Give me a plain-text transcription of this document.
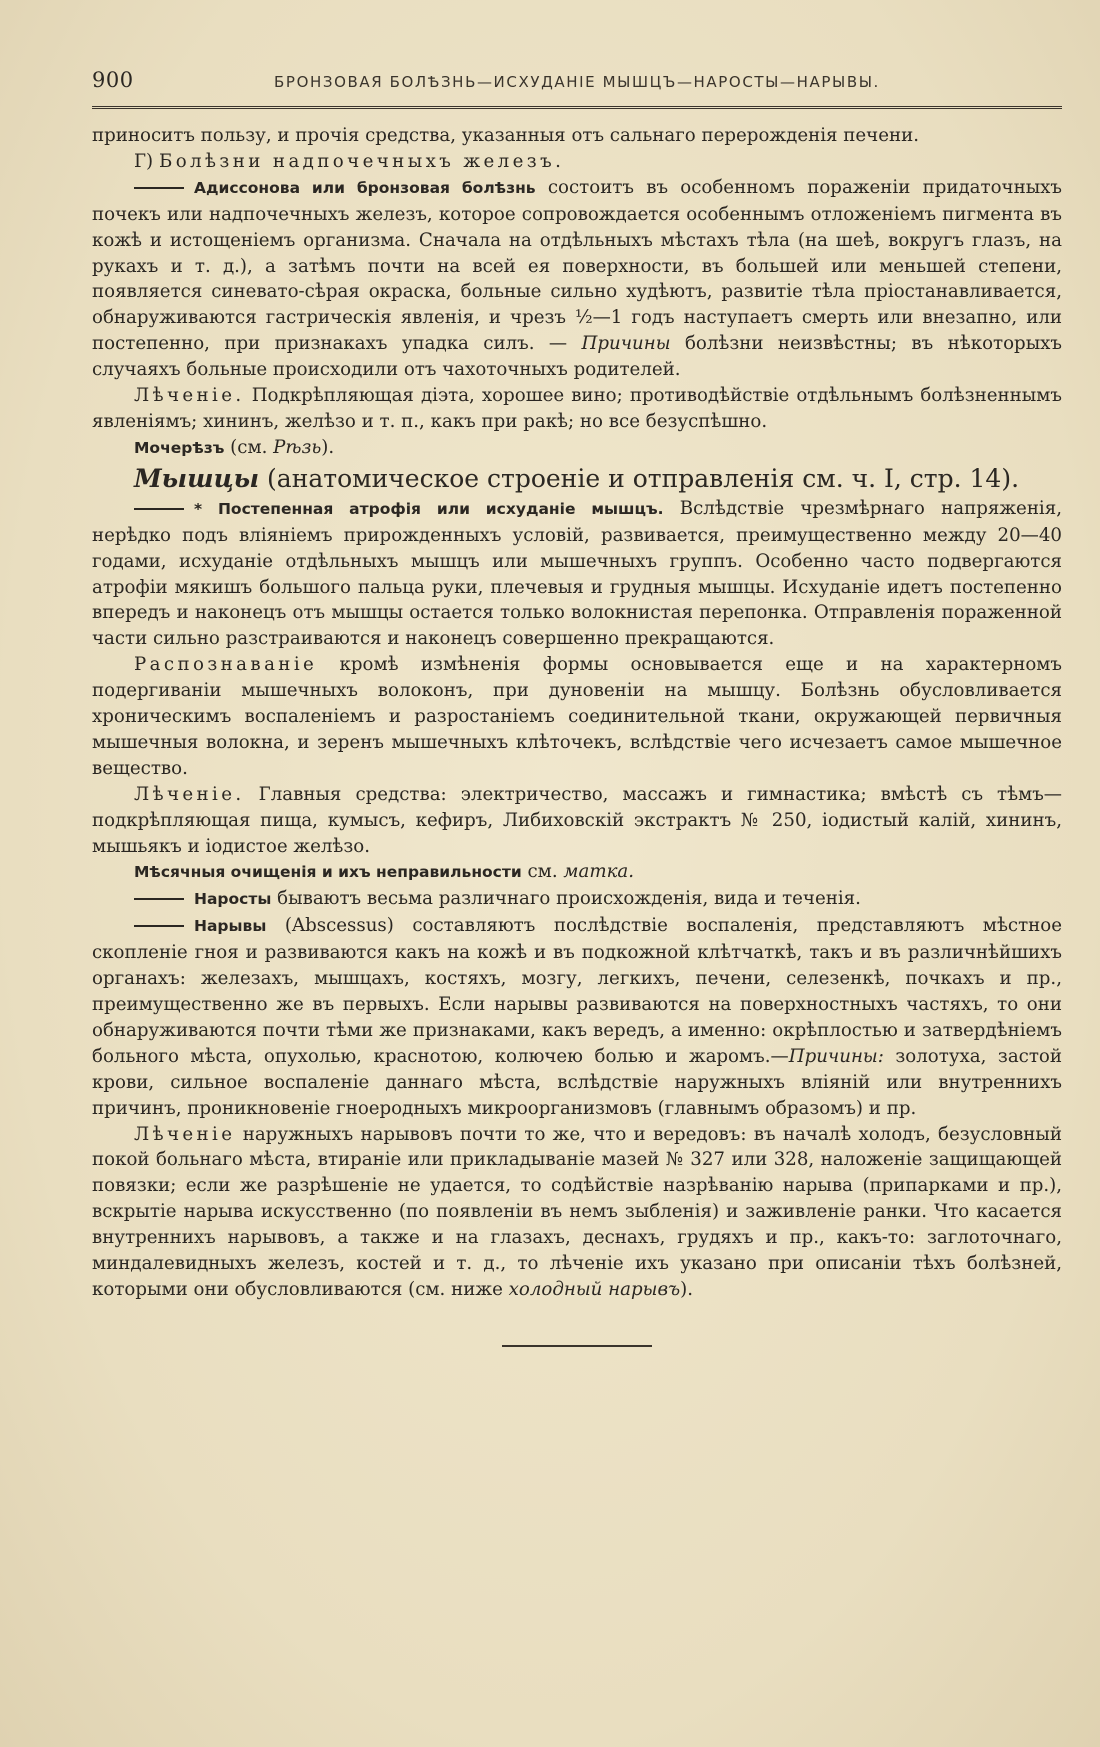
900	БРОНЗОВАЯ БОЛѢЗНЬ—ИСХУДАНІЕ МЫШЦЪ—НАРОСТЫ—НАРЫВЫ.

приноситъ пользу, и прочія средства, указанныя отъ сальнаго перерожденія печени.

Г) Болѣзни надпочечныхъ железъ.

Адиссонова или бронзовая болѣзнь состоитъ въ особенномъ пораженіи придаточныхъ почекъ или надпочечныхъ железъ, которое сопровождается особеннымъ отложеніемъ пигмента въ кожѣ и истощеніемъ организма. Сначала на отдѣльныхъ мѣстахъ тѣла (на шеѣ, вокругъ глазъ, на рукахъ и т. д.), а затѣмъ почти на всей ея поверхности, въ большей или меньшей степени, появляется синевато-сѣрая окраска, больные сильно худѣютъ, развитіе тѣла пріостанавливается, обнаруживаются гастрическія явленія, и чрезъ ½—1 годъ наступаетъ смерть или внезапно, или постепенно, при признакахъ упадка силъ. — Причины болѣзни неизвѣстны; въ нѣкоторыхъ случаяхъ больные происходили отъ чахоточныхъ родителей.

Лѣченіе. Подкрѣпляющая діэта, хорошее вино; противодѣйствіе отдѣльнымъ болѣзненнымъ явленіямъ; хининъ, желѣзо и т. п., какъ при ракѣ; но все безуспѣшно.

Мочерѣзъ (см. Рѣзь).

Мышцы (анатомическое строеніе и отправленія см. ч. I, стр. 14).

* Постепенная атрофія или исхуданіе мышцъ. Вслѣдствіе чрезмѣрнаго напряженія, нерѣдко подъ вліяніемъ прирожденныхъ условій, развивается, преимущественно между 20—40 годами, исхуданіе отдѣльныхъ мышцъ или мышечныхъ группъ. Особенно часто подвергаются атрофіи мякишъ большого пальца руки, плечевыя и грудныя мышцы. Исхуданіе идетъ постепенно впередъ и наконецъ отъ мышцы остается только волокнистая перепонка. Отправленія пораженной части сильно разстраиваются и наконецъ совершенно прекращаются.

Распознаваніе кромѣ измѣненія формы основывается еще и на характерномъ подергиваніи мышечныхъ волоконъ, при дуновеніи на мышцу. Болѣзнь обусловливается хроническимъ воспаленіемъ и разростаніемъ соединительной ткани, окружающей первичныя мышечныя волокна, и зеренъ мышечныхъ клѣточекъ, вслѣдствіе чего исчезаетъ самое мышечное вещество.

Лѣченіе. Главныя средства: электричество, массажъ и гимнастика; вмѣстѣ съ тѣмъ—подкрѣпляющая пища, кумысъ, кефиръ, Либиховскій экстрактъ № 250, іодистый калій, хининъ, мышьякъ и іодистое желѣзо.

Мѣсячныя очищенія и ихъ неправильности см. матка.

Наросты бываютъ весьма различнаго происхожденія, вида и теченія.

Нарывы (Abscessus) составляютъ послѣдствіе воспаленія, представляютъ мѣстное скопленіе гноя и развиваются какъ на кожѣ и въ подкожной клѣтчаткѣ, такъ и въ различнѣйшихъ органахъ: железахъ, мышцахъ, костяхъ, мозгу, легкихъ, печени, селезенкѣ, почкахъ и пр., преимущественно же въ первыхъ. Если нарывы развиваются на поверхностныхъ частяхъ, то они обнаруживаются почти тѣми же признаками, какъ вередъ, а именно: окрѣплостью и затвердѣніемъ больного мѣста, опухолью, краснотою, колючею болью и жаромъ.—Причины: золотуха, застой крови, сильное воспаленіе даннаго мѣста, вслѣдствіе наружныхъ вліяній или внутреннихъ причинъ, проникновеніе гноеродныхъ микроорганизмовъ (главнымъ образомъ) и пр.

Лѣченіе наружныхъ нарывовъ почти то же, что и вередовъ: въ началѣ холодъ, безусловный покой больнаго мѣста, втираніе или прикладываніе мазей № 327 или 328, наложеніе защищающей повязки; если же разрѣшеніе не удается, то содѣйствіе назрѣванію нарыва (припарками и пр.), вскрытіе нарыва искусственно (по появленіи въ немъ зыбленія) и заживленіе ранки. Что касается внутреннихъ нарывовъ, а также и на глазахъ, деснахъ, грудяхъ и пр., какъ-то: заглоточнаго, миндалевидныхъ железъ, костей и т. д., то лѣченіе ихъ указано при описаніи тѣхъ болѣзней, которыми они обусловливаются (см. ниже холодный нарывъ).
